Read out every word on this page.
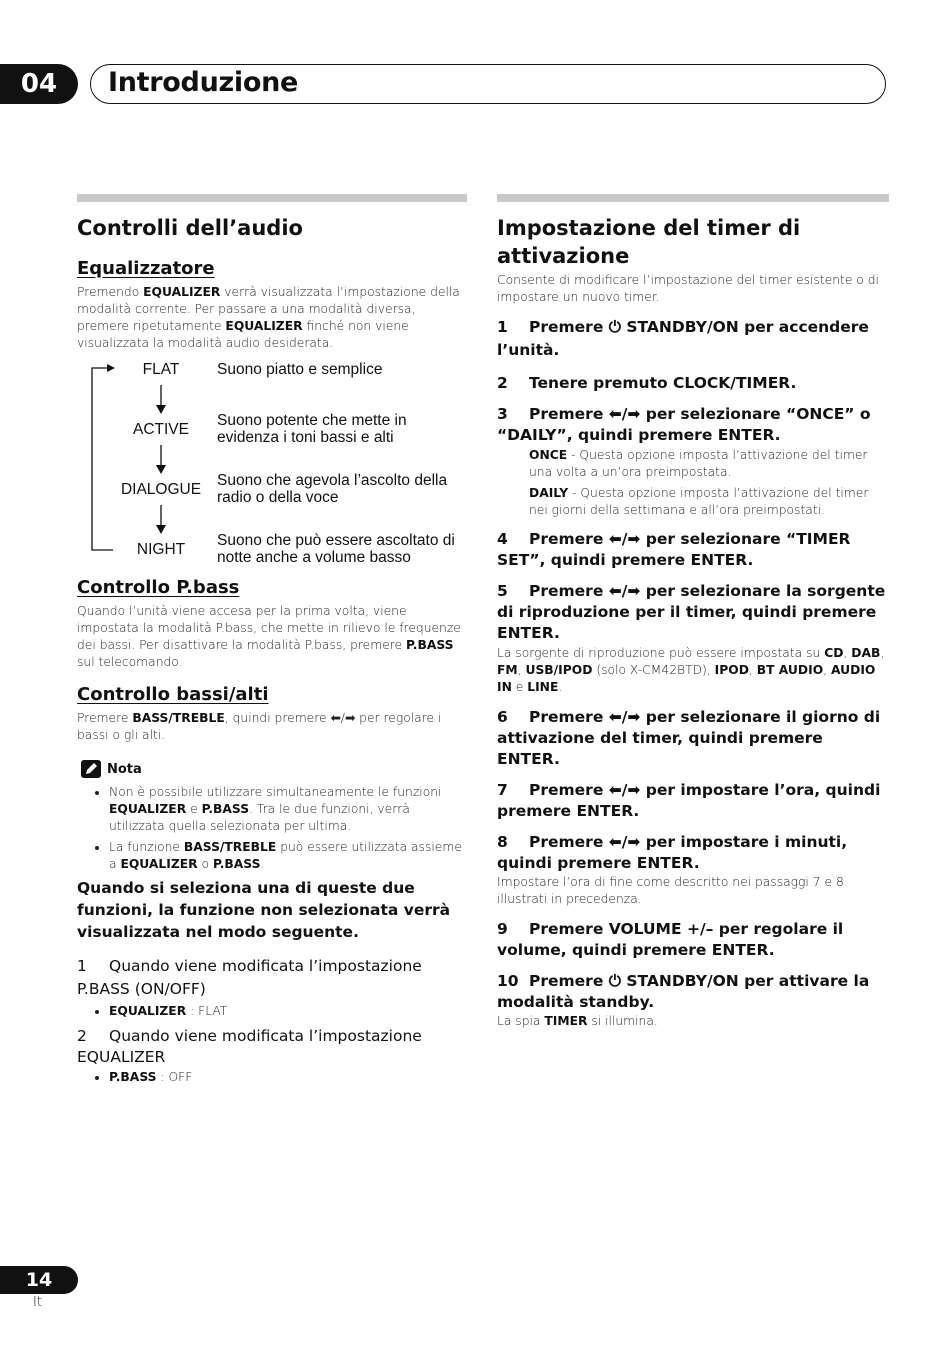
04	Introduzione
Controlli dell’audio
Equalizzatore
Premendo EQUALIZER verrà visualizzata l’impostazione della modalità corrente. Per passare a una modalità diversa, premere ripetutamente EQUALIZER finché non viene visualizzata la modalità audio desiderata.
FLAT	Suono piatto e semplice
ACTIVE
Suono potente che mette in evidenza i toni bassi e alti
DIALOGUE
Suono che agevola l’ascolto della radio o della voce
NIGHT
Suono che può essere ascoltato di notte anche a volume basso
Controllo P.bass
Quando l’unità viene accesa per la prima volta, viene impostata la modalità P.bass, che mette in rilievo le frequenze dei bassi. Per disattivare la modalità P.bass, premere P.BASS sul telecomando.
Controllo bassi/alti
Premere BASS/TREBLE, quindi premere ⬅/➡ per regolare i bassi o gli alti.
Nota
• Non è possibile utilizzare simultaneamente le funzioni EQUALIZER e P.BASS. Tra le due funzioni, verrà utilizzata quella selezionata per ultima.
• La funzione BASS/TREBLE può essere utilizzata assieme a EQUALIZER o P.BASS.
Quando si seleziona una di queste due funzioni, la funzione non selezionata verrà visualizzata nel modo seguente.
1 Quando viene modificata l’impostazione P.BASS (ON/OFF)
• EQUALIZER : FLAT
2 Quando viene modificata l’impostazione EQUALIZER
• P.BASS : OFF
Impostazione del timer di attivazione
Consente di modificare l’impostazione del timer esistente o di impostare un nuovo timer.
1 Premere ⏻ STANDBY/ON per accendere l’unità.
2 Tenere premuto CLOCK/TIMER.
3 Premere ⬅/➡ per selezionare “ONCE” o “DAILY”, quindi premere ENTER.
ONCE - Questa opzione imposta l’attivazione del timer una volta a un’ora preimpostata.
DAILY - Questa opzione imposta l’attivazione del timer nei giorni della settimana e all’ora preimpostati.
4 Premere ⬅/➡ per selezionare “TIMER SET”, quindi premere ENTER.
5 Premere ⬅/➡ per selezionare la sorgente di riproduzione per il timer, quindi premere ENTER.
La sorgente di riproduzione può essere impostata su CD, DAB, FM, USB/IPOD (solo X-CM42BTD), IPOD, BT AUDIO, AUDIO IN e LINE.
6 Premere ⬅/➡ per selezionare il giorno di attivazione del timer, quindi premere ENTER.
7 Premere ⬅/➡ per impostare l’ora, quindi premere ENTER.
8 Premere ⬅/➡ per impostare i minuti, quindi premere ENTER.
Impostare l’ora di fine come descritto nei passaggi 7 e 8 illustrati in precedenza.
9 Premere VOLUME +/– per regolare il volume, quindi premere ENTER.
10 Premere ⏻ STANDBY/ON per attivare la modalità standby.
La spia TIMER si illumina.
14
It
